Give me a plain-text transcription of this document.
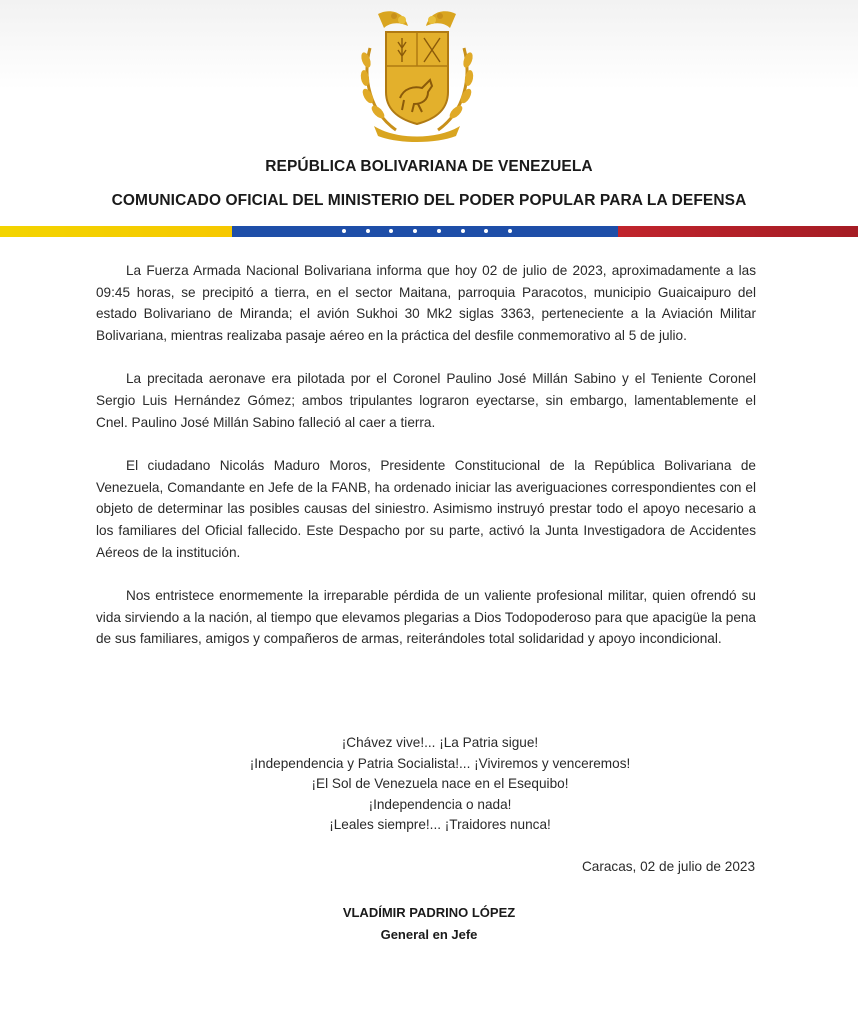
REPÚBLICA BOLIVARIANA DE VENEZUELA
COMUNICADO OFICIAL DEL MINISTERIO DEL PODER POPULAR PARA LA DEFENSA

La Fuerza Armada Nacional Bolivariana informa que hoy 02 de julio de 2023, aproximadamente a las 09:45 horas, se precipitó a tierra, en el sector Maitana, parroquia Paracotos, municipio Guaicaipuro del estado Bolivariano de Miranda; el avión Sukhoi 30 Mk2 siglas 3363, perteneciente a la Aviación Militar Bolivariana, mientras realizaba pasaje aéreo en la práctica del desfile conmemorativo al 5 de julio.

La precitada aeronave era pilotada por el Coronel Paulino José Millán Sabino y el Teniente Coronel Sergio Luis Hernández Gómez; ambos tripulantes lograron eyectarse, sin embargo, lamentablemente el Cnel. Paulino José Millán Sabino falleció al caer a tierra.

El ciudadano Nicolás Maduro Moros, Presidente Constitucional de la República Bolivariana de Venezuela, Comandante en Jefe de la FANB, ha ordenado iniciar las averiguaciones correspondientes con el objeto de determinar las posibles causas del siniestro. Asimismo instruyó prestar todo el apoyo necesario a los familiares del Oficial fallecido. Este Despacho por su parte, activó la Junta Investigadora de Accidentes Aéreos de la institución.

Nos entristece enormemente la irreparable pérdida de un valiente profesional militar, quien ofrendó su vida sirviendo a la nación, al tiempo que elevamos plegarias a Dios Todopoderoso para que apacigüe la pena de sus familiares, amigos y compañeros de armas, reiterándoles total solidaridad y apoyo incondicional.

¡Chávez vive!... ¡La Patria sigue!
¡Independencia y Patria Socialista!... ¡Viviremos y venceremos!
¡El Sol de Venezuela nace en el Esequibo!
¡Independencia o nada!
¡Leales siempre!... ¡Traidores nunca!
Caracas, 02 de julio de 2023
VLADÍMIR PADRINO LÓPEZ
General en Jefe
